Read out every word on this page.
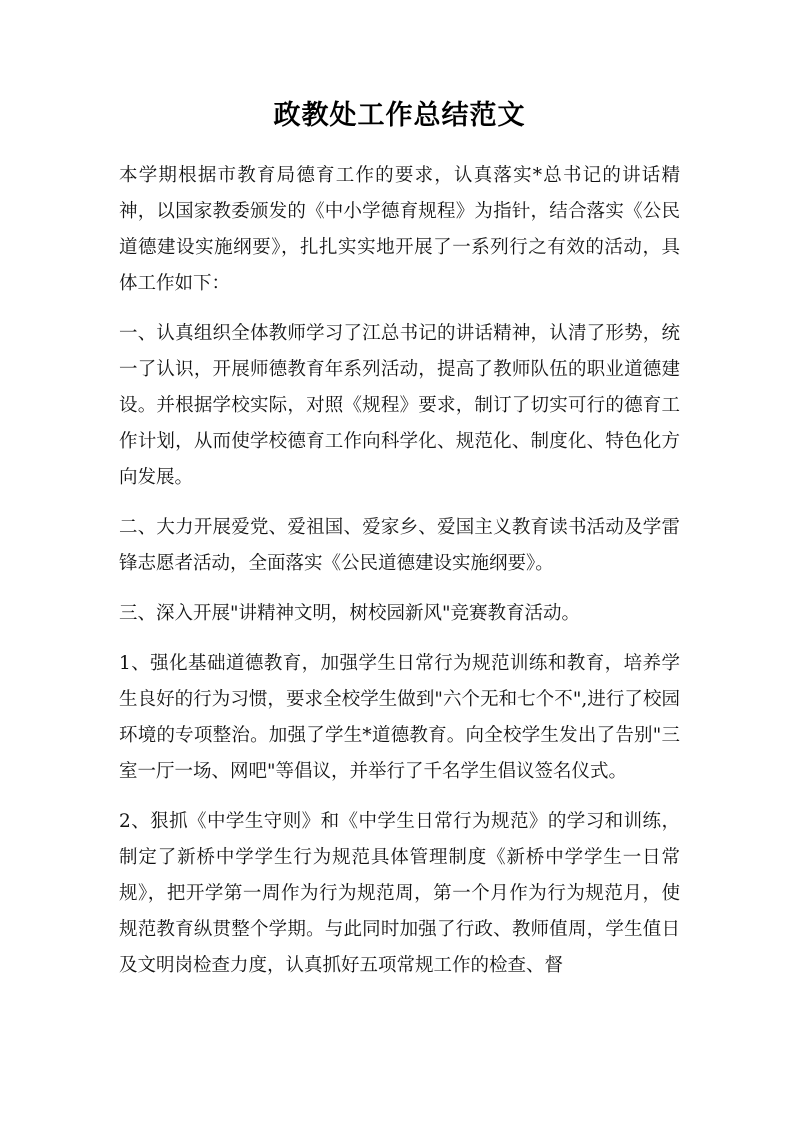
政教处工作总结范文

本学期根据市教育局德育工作的要求，认真落实*总书记的讲话精神，以国家教委颁发的《中小学德育规程》为指针，结合落实《公民道德建设实施纲要》，扎扎实实地开展了一系列行之有效的活动，具体工作如下：

一、认真组织全体教师学习了江总书记的讲话精神，认清了形势，统一了认识，开展师德教育年系列活动，提高了教师队伍的职业道德建设。并根据学校实际，对照《规程》要求，制订了切实可行的德育工作计划，从而使学校德育工作向科学化、规范化、制度化、特色化方向发展。

二、大力开展爱党、爱祖国、爱家乡、爱国主义教育读书活动及学雷锋志愿者活动，全面落实《公民道德建设实施纲要》。

三、深入开展"讲精神文明，树校园新风"竞赛教育活动。

1、强化基础道德教育，加强学生日常行为规范训练和教育，培养学生良好的行为习惯，要求全校学生做到"六个无和七个不",进行了校园环境的专项整治。加强了学生*道德教育。向全校学生发出了告别"三室一厅一场、网吧"等倡议，并举行了千名学生倡议签名仪式。

2、狠抓《中学生守则》和《中学生日常行为规范》的学习和训练，制定了新桥中学学生行为规范具体管理制度《新桥中学学生一日常规》，把开学第一周作为行为规范周，第一个月作为行为规范月，使规范教育纵贯整个学期。与此同时加强了行政、教师值周，学生值日及文明岗检查力度，认真抓好五项常规工作的检查、督
